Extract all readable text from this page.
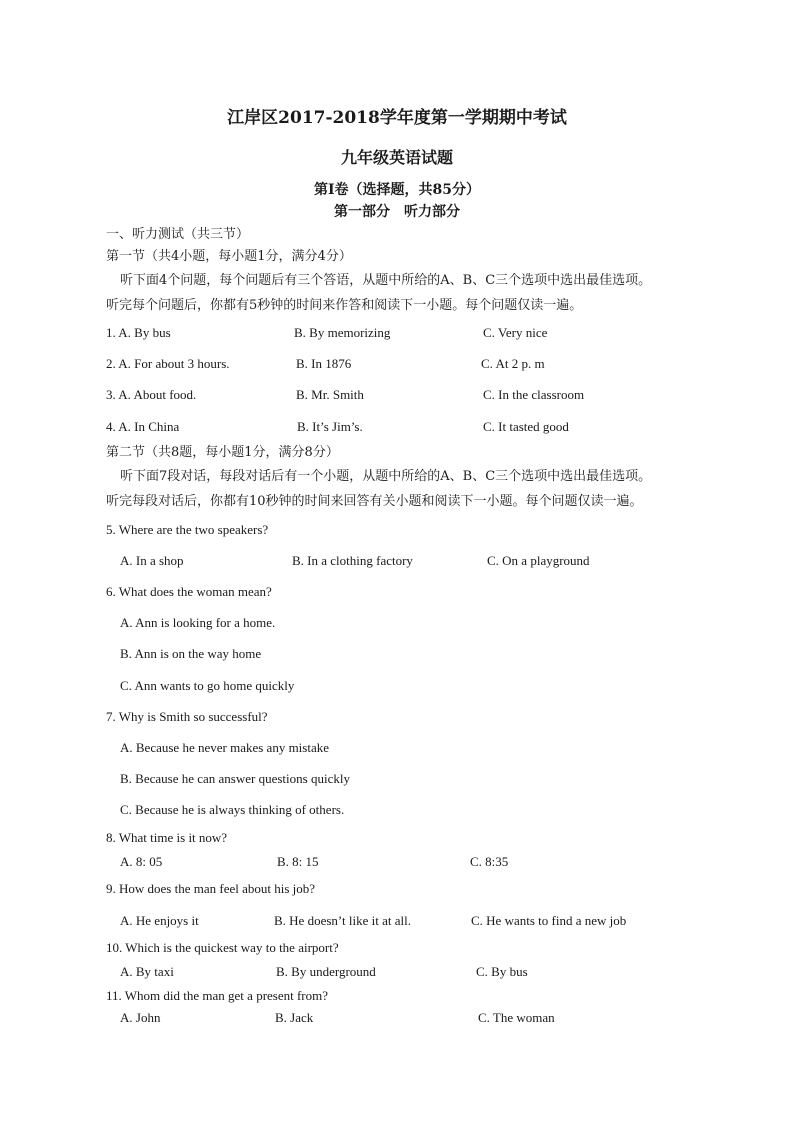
江岸区2017-2018学年度第一学期期中考试
九年级英语试题
第I卷（选择题，共85分）
第一部分　听力部分
一、听力测试（共三节）
第一节（共4小题，每小题1分，满分4分）
听下面4个问题，每个问题后有三个答语，从题中所给的A、B、C三个选项中选出最佳选项。
听完每个问题后，你都有5秒钟的时间来作答和阅读下一小题。每个问题仅读一遍。
1. A. By bus	B. By memorizing	C. Very nice
2. A. For about 3 hours.	B. In 1876	C. At 2 p. m
3. A. About food.	B. Mr. Smith	C. In the classroom
4. A. In China	B. It’s Jim’s.	C. It tasted good
第二节（共8题，每小题1分，满分8分）
听下面7段对话，每段对话后有一个小题，从题中所给的A、B、C三个选项中选出最佳选项。
听完每段对话后，你都有10秒钟的时间来回答有关小题和阅读下一小题。每个问题仅读一遍。
5. Where are the two speakers?
A. In a shop	B. In a clothing factory	C. On a playground
6. What does the woman mean?
A. Ann is looking for a home.
B. Ann is on the way home
C. Ann wants to go home quickly
7. Why is Smith so successful?
A. Because he never makes any mistake
B. Because he can answer questions quickly
C. Because he is always thinking of others.
8. What time is it now?
A. 8: 05	B. 8: 15	C. 8:35
9. How does the man feel about his job?
A. He enjoys it	B. He doesn’t like it at all.	C. He wants to find a new job
10. Which is the quickest way to the airport?
A. By taxi	B. By underground	C. By bus
11. Whom did the man get a present from?
A. John	B. Jack	C. The woman
